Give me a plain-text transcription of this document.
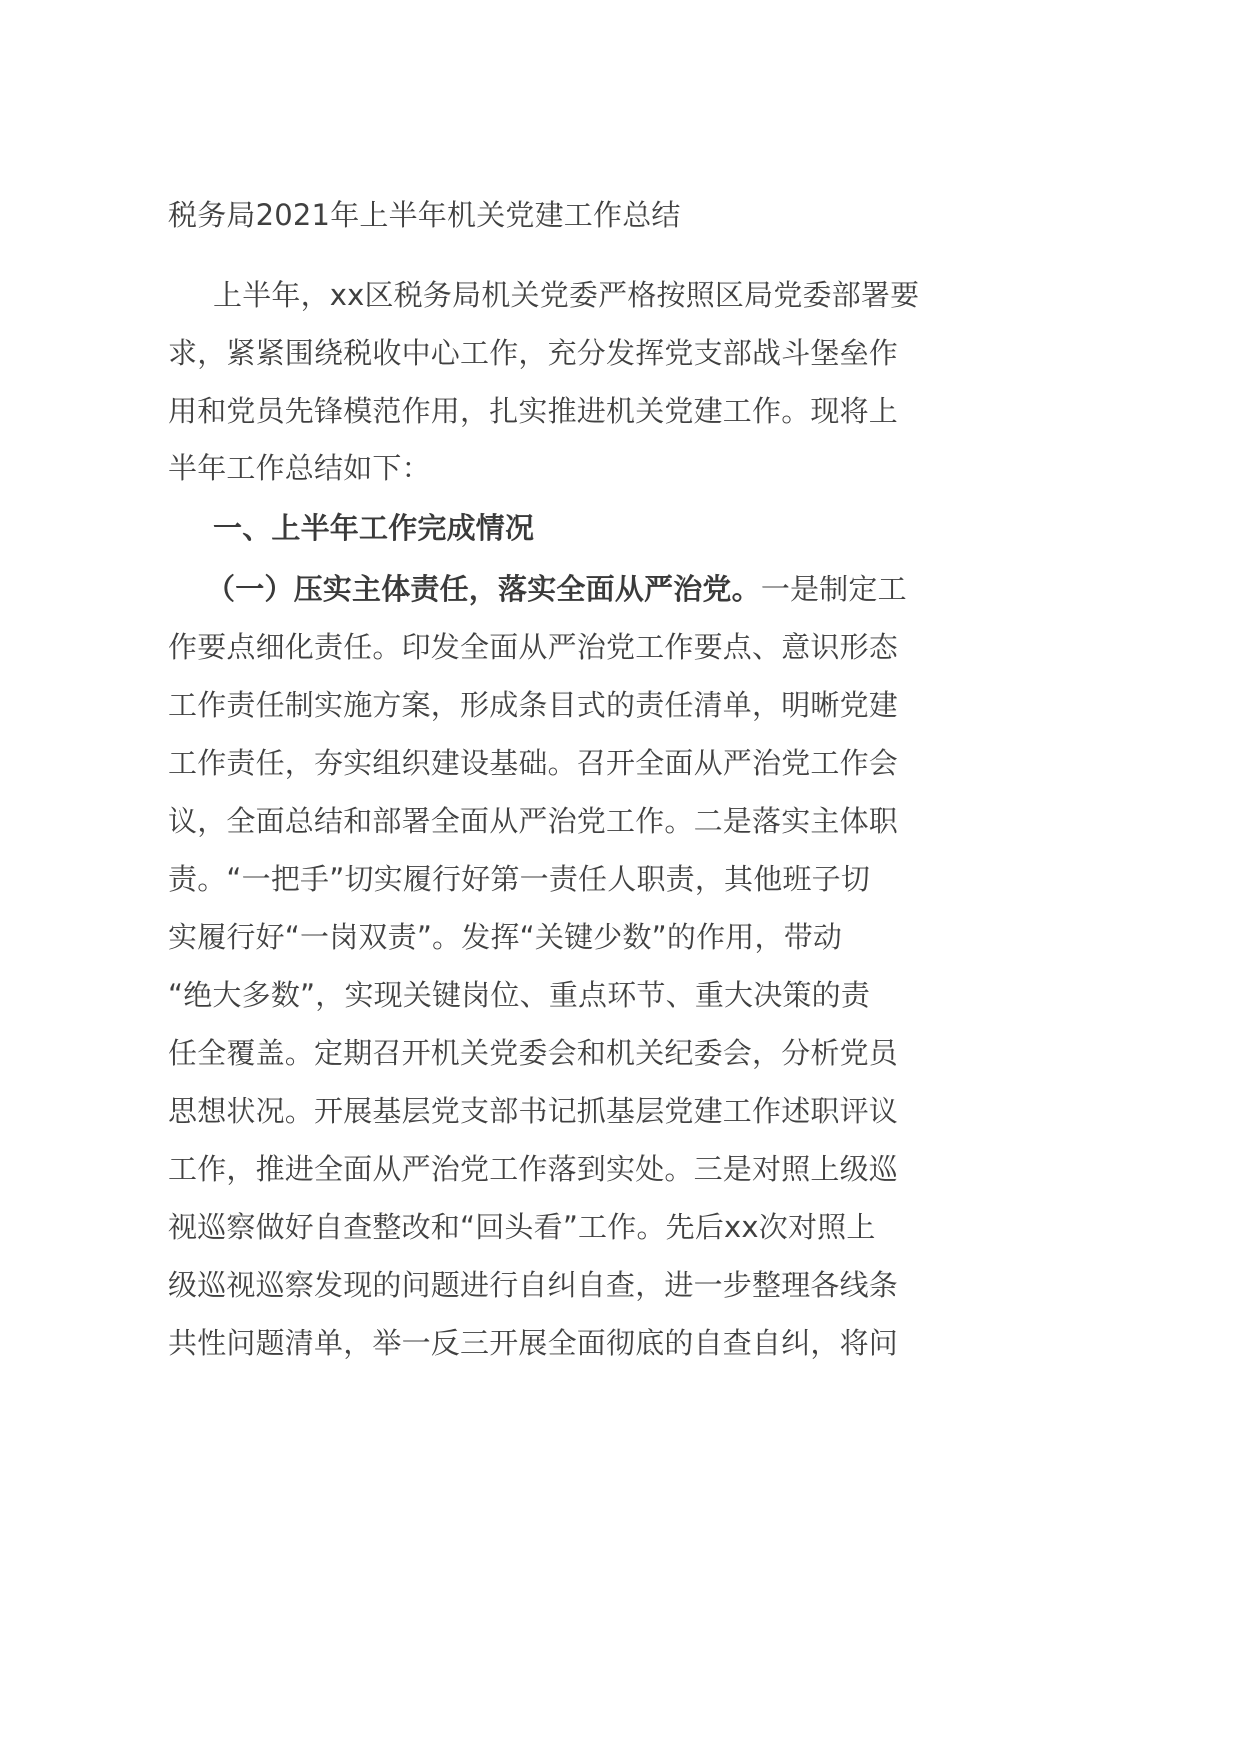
税务局2021年上半年机关党建工作总结
上半年，xx区税务局机关党委严格按照区局党委部署要
求，紧紧围绕税收中心工作，充分发挥党支部战斗堡垒作
用和党员先锋模范作用，扎实推进机关党建工作。现将上
半年工作总结如下：
一、上半年工作完成情况
（一）压实主体责任，落实全面从严治党。一是制定工
作要点细化责任。印发全面从严治党工作要点、意识形态
工作责任制实施方案，形成条目式的责任清单，明晰党建
工作责任，夯实组织建设基础。召开全面从严治党工作会
议，全面总结和部署全面从严治党工作。二是落实主体职
责。“一把手”切实履行好第一责任人职责，其他班子切
实履行好“一岗双责”。发挥“关键少数”的作用，带动
“绝大多数”，实现关键岗位、重点环节、重大决策的责
任全覆盖。定期召开机关党委会和机关纪委会，分析党员
思想状况。开展基层党支部书记抓基层党建工作述职评议
工作，推进全面从严治党工作落到实处。三是对照上级巡
视巡察做好自查整改和“回头看”工作。先后xx次对照上
级巡视巡察发现的问题进行自纠自查，进一步整理各线条
共性问题清单，举一反三开展全面彻底的自查自纠，将问
